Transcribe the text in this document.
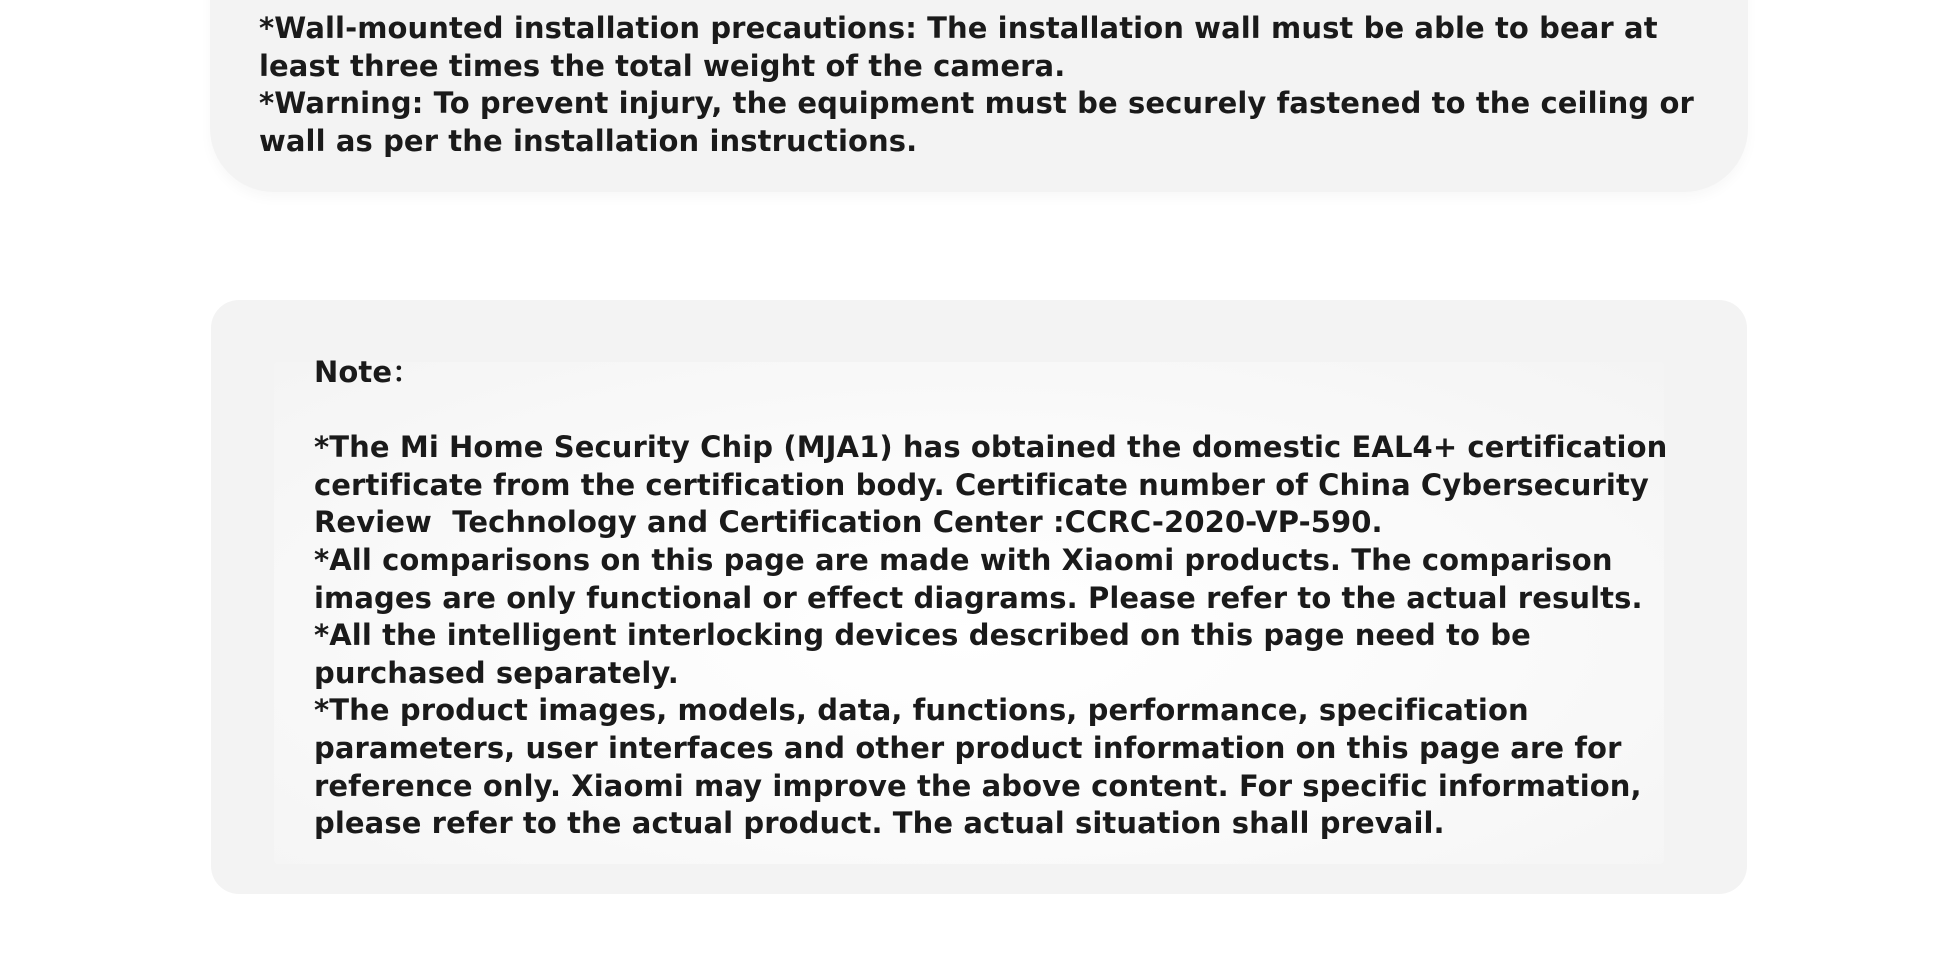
*Wall-mounted installation precautions: The installation wall must be able to bear at least three times the total weight of the camera.

*Warning: To prevent injury, the equipment must be securely fastened to the ceiling or wall as per the installation instructions.

Note：

*The Mi Home Security Chip (MJA1) has obtained the domestic EAL4+ certification certificate from the certification body. Certificate number of China Cybersecurity Review  Technology and Certification Center :CCRC-2020-VP-590.

*All comparisons on this page are made with Xiaomi products. The comparison images are only functional or effect diagrams. Please refer to the actual results.

*All the intelligent interlocking devices described on this page need to be purchased separately.

*The product images, models, data, functions, performance, specification parameters, user interfaces and other product information on this page are for reference only. Xiaomi may improve the above content. For specific information, please refer to the actual product. The actual situation shall prevail.
